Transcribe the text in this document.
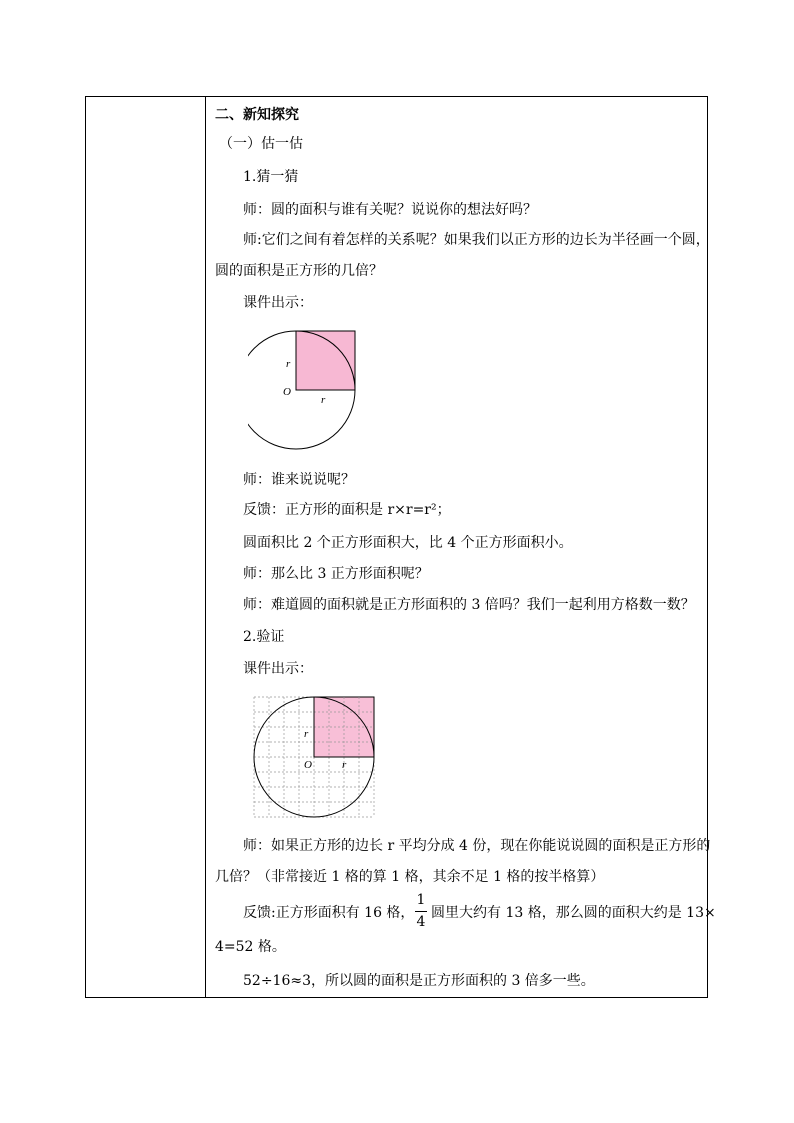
二、新知探究
（一）估一估
1.猜一猜
师：圆的面积与谁有关呢？说说你的想法好吗？
师:它们之间有着怎样的关系呢？如果我们以正方形的边长为半径画一个圆，
圆的面积是正方形的几倍？
课件出示：
r
O
r
师：谁来说说呢？
反馈：正方形的面积是 r×r=r²；
圆面积比 2 个正方形面积大，比 4 个正方形面积小。
师：那么比 3 正方形面积呢？
师：难道圆的面积就是正方形面积的 3 倍吗？我们一起利用方格数一数？
2.验证
课件出示：
r
O	r
师：如果正方形的边长 r 平均分成 4 份，现在你能说说圆的面积是正方形的
几倍？（非常接近 1 格的算 1 格，其余不足 1 格的按半格算）
反馈:正方形面积有 16 格，
1
4
圆里大约有 13 格，那么圆的面积大约是 13×
4=52 格。
52÷16≈3，所以圆的面积是正方形面积的 3 倍多一些。
